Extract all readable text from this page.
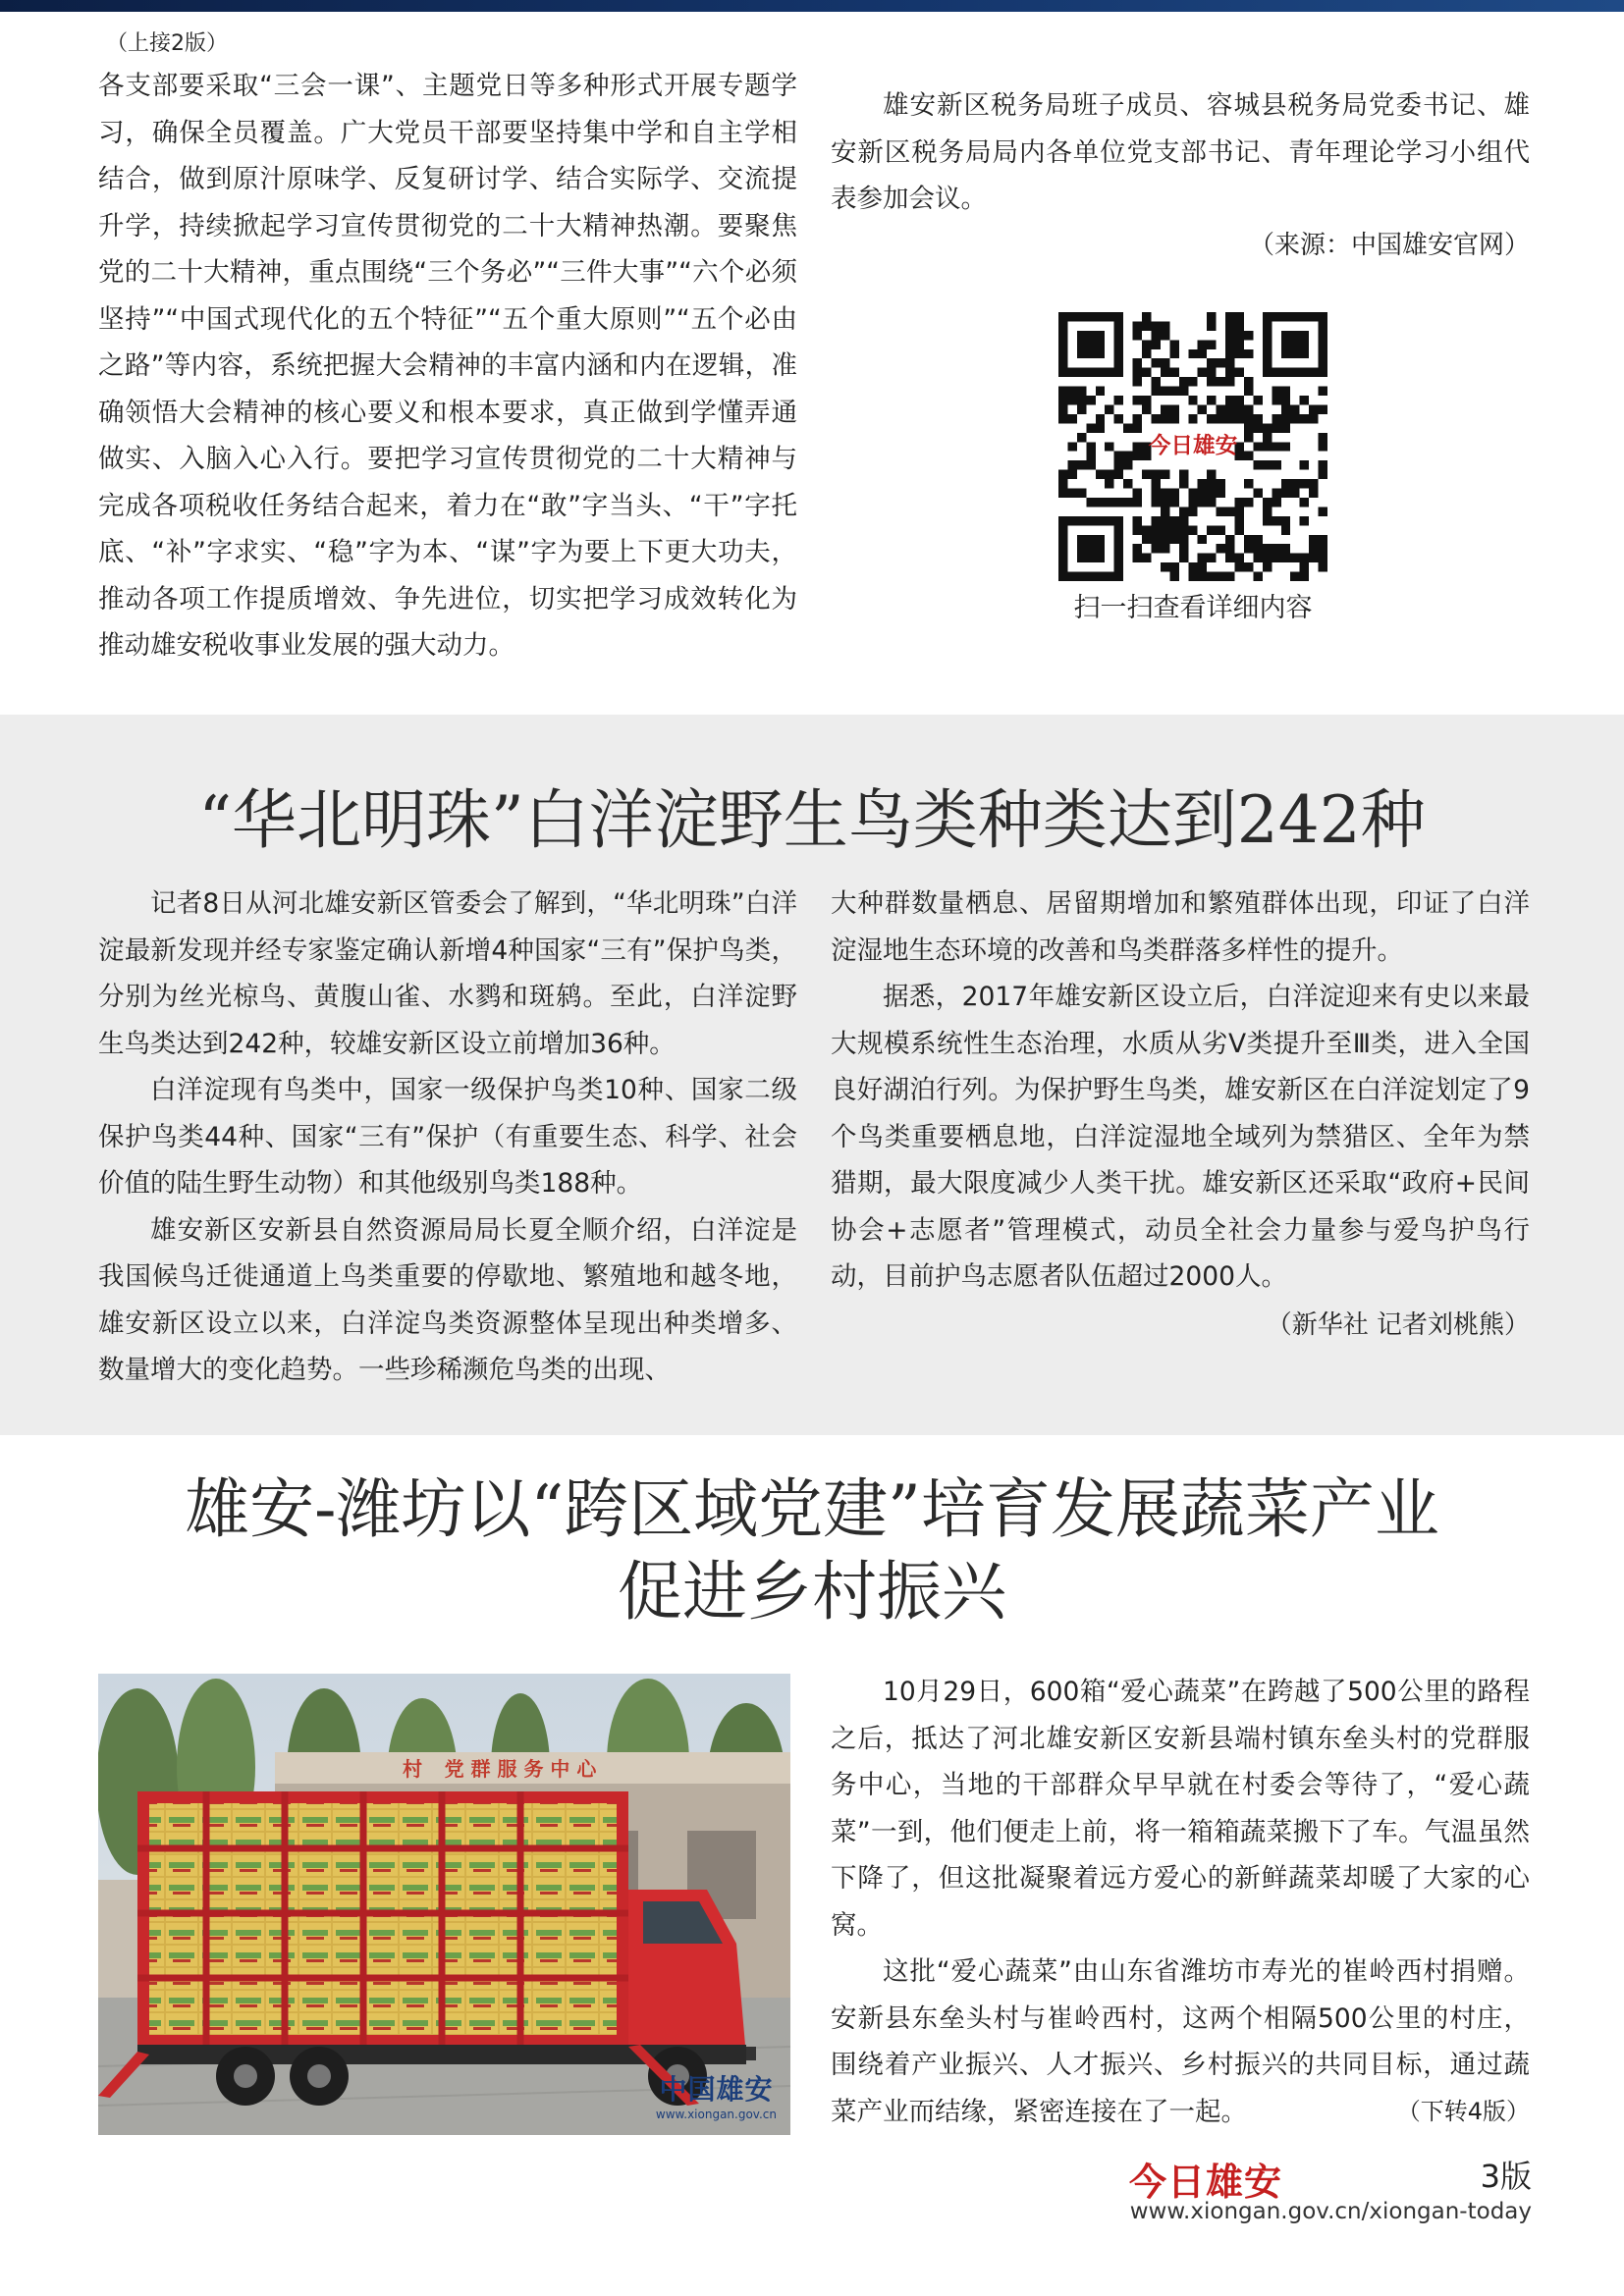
（上接2版）

各支部要采取“三会一课”、主题党日等多种形式开展专题学习，确保全员覆盖。广大党员干部要坚持集中学和自主学相结合，做到原汁原味学、反复研讨学、结合实际学、交流提升学，持续掀起学习宣传贯彻党的二十大精神热潮。要聚焦党的二十大精神，重点围绕“三个务必”“三件大事”“六个必须坚持”“中国式现代化的五个特征”“五个重大原则”“五个必由之路”等内容，系统把握大会精神的丰富内涵和内在逻辑，准确领悟大会精神的核心要义和根本要求，真正做到学懂弄通做实、入脑入心入行。要把学习宣传贯彻党的二十大精神与完成各项税收任务结合起来，着力在“敢”字当头、“干”字托底、“补”字求实、“稳”字为本、“谋”字为要上下更大功夫，推动各项工作提质增效、争先进位，切实把学习成效转化为推动雄安税收事业发展的强大动力。

雄安新区税务局班子成员、容城县税务局党委书记、雄安新区税务局局内各单位党支部书记、青年理论学习小组代表参加会议。

（来源：中国雄安官网）

今日雄安
扫一扫查看详细内容
“华北明珠”白洋淀野生鸟类种类达到242种

记者8日从河北雄安新区管委会了解到，“华北明珠”白洋淀最新发现并经专家鉴定确认新增4种国家“三有”保护鸟类，分别为丝光椋鸟、黄腹山雀、水鹨和斑鸫。至此，白洋淀野生鸟类达到242种，较雄安新区设立前增加36种。

白洋淀现有鸟类中，国家一级保护鸟类10种、国家二级保护鸟类44种、国家“三有”保护（有重要生态、科学、社会价值的陆生野生动物）和其他级别鸟类188种。

雄安新区安新县自然资源局局长夏全顺介绍，白洋淀是我国候鸟迁徙通道上鸟类重要的停歇地、繁殖地和越冬地，雄安新区设立以来，白洋淀鸟类资源整体呈现出种类增多、数量增大的变化趋势。一些珍稀濒危鸟类的出现、

大种群数量栖息、居留期增加和繁殖群体出现，印证了白洋淀湿地生态环境的改善和鸟类群落多样性的提升。

据悉，2017年雄安新区设立后，白洋淀迎来有史以来最大规模系统性生态治理，水质从劣Ⅴ类提升至Ⅲ类，进入全国良好湖泊行列。为保护野生鸟类，雄安新区在白洋淀划定了9个鸟类重要栖息地，白洋淀湿地全域列为禁猎区、全年为禁猎期，最大限度减少人类干扰。雄安新区还采取“政府+民间协会+志愿者”管理模式，动员全社会力量参与爱鸟护鸟行动，目前护鸟志愿者队伍超过2000人。

（新华社 记者刘桃熊）

雄安-潍坊以“跨区域党建”培育发展蔬菜产业
促进乡村振兴
党 群 服 务 中 心
村
中国雄安
www.xiongan.gov.cn

10月29日，600箱“爱心蔬菜”在跨越了500公里的路程之后，抵达了河北雄安新区安新县端村镇东垒头村的党群服务中心，当地的干部群众早早就在村委会等待了，“爱心蔬菜”一到，他们便走上前，将一箱箱蔬菜搬下了车。气温虽然下降了，但这批凝聚着远方爱心的新鲜蔬菜却暖了大家的心窝。

这批“爱心蔬菜”由山东省潍坊市寿光的崔岭西村捐赠。安新县东垒头村与崔岭西村，这两个相隔500公里的村庄，围绕着产业振兴、人才振兴、乡村振兴的共同目标，通过蔬菜产业而结缘，紧密连接在了一起。	（下转4版）

今日雄安	3版
www.xiongan.gov.cn/xiongan-today
